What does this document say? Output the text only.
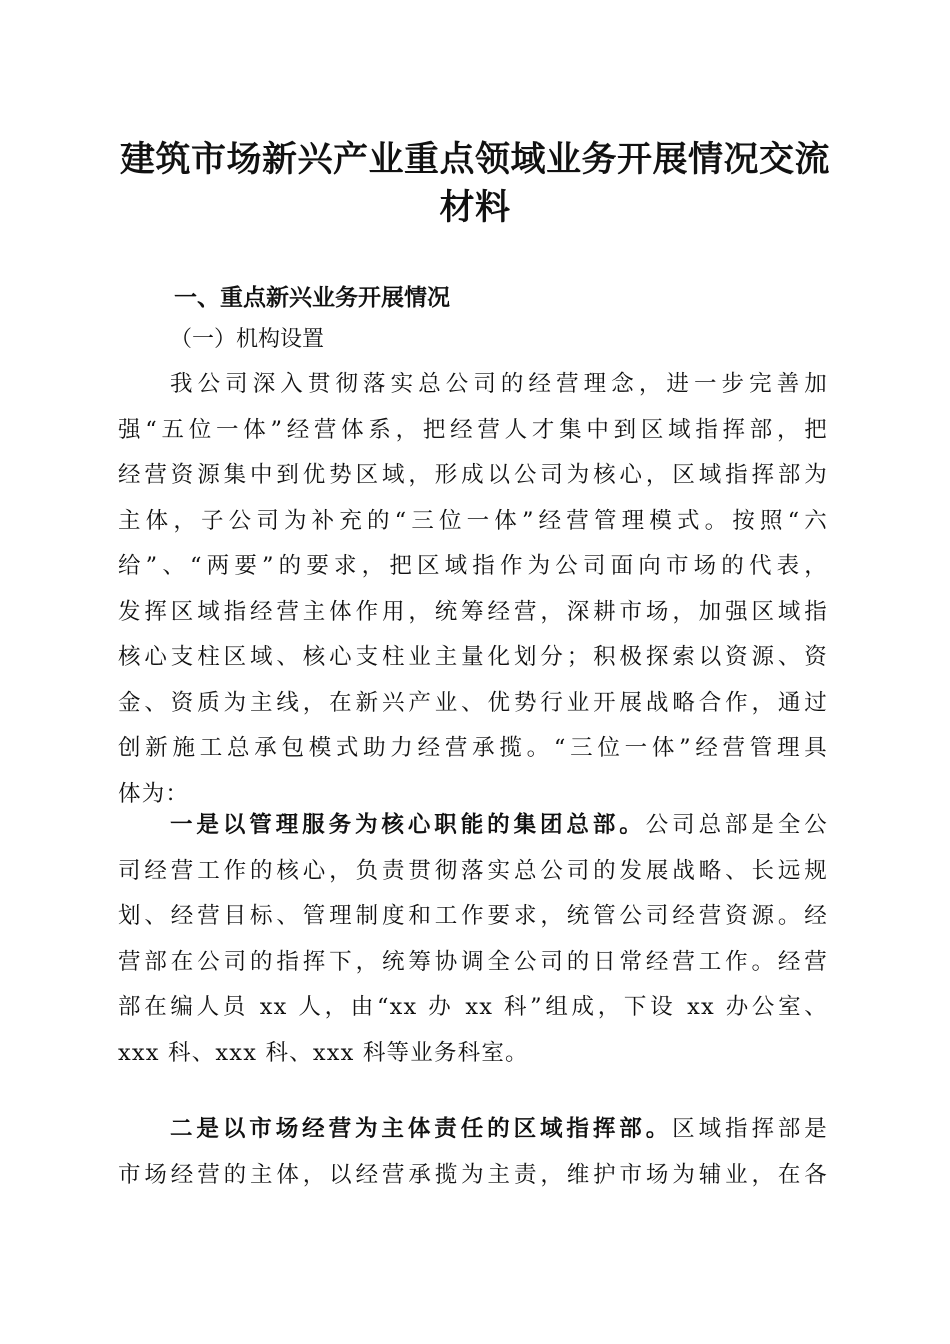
建筑市场新兴产业重点领域业务开展情况交流
材料
一、重点新兴业务开展情况
（一）机构设置
我公司深入贯彻落实总公司的经营理念，进一步完善加
强“五位一体”经营体系，把经营人才集中到区域指挥部，把
经营资源集中到优势区域，形成以公司为核心，区域指挥部为
主体，子公司为补充的“三位一体”经营管理模式。按照“六
给”、“两要”的要求，把区域指作为公司面向市场的代表，
发挥区域指经营主体作用，统筹经营，深耕市场，加强区域指
核心支柱区域、核心支柱业主量化划分；积极探索以资源、资
金、资质为主线，在新兴产业、优势行业开展战略合作，通过
创新施工总承包模式助力经营承揽。“三位一体”经营管理具
体为：
一是以管理服务为核心职能的集团总部。公司总部是全公
司经营工作的核心，负责贯彻落实总公司的发展战略、长远规
划、经营目标、管理制度和工作要求，统管公司经营资源。经
营部在公司的指挥下，统筹协调全公司的日常经营工作。经营
部在编人员 xx 人，由“xx 办 xx 科”组成，下设 xx 办公室、
xxx 科、xxx 科、xxx 科等业务科室。
二是以市场经营为主体责任的区域指挥部。区域指挥部是
市场经营的主体，以经营承揽为主责，维护市场为辅业，在各
